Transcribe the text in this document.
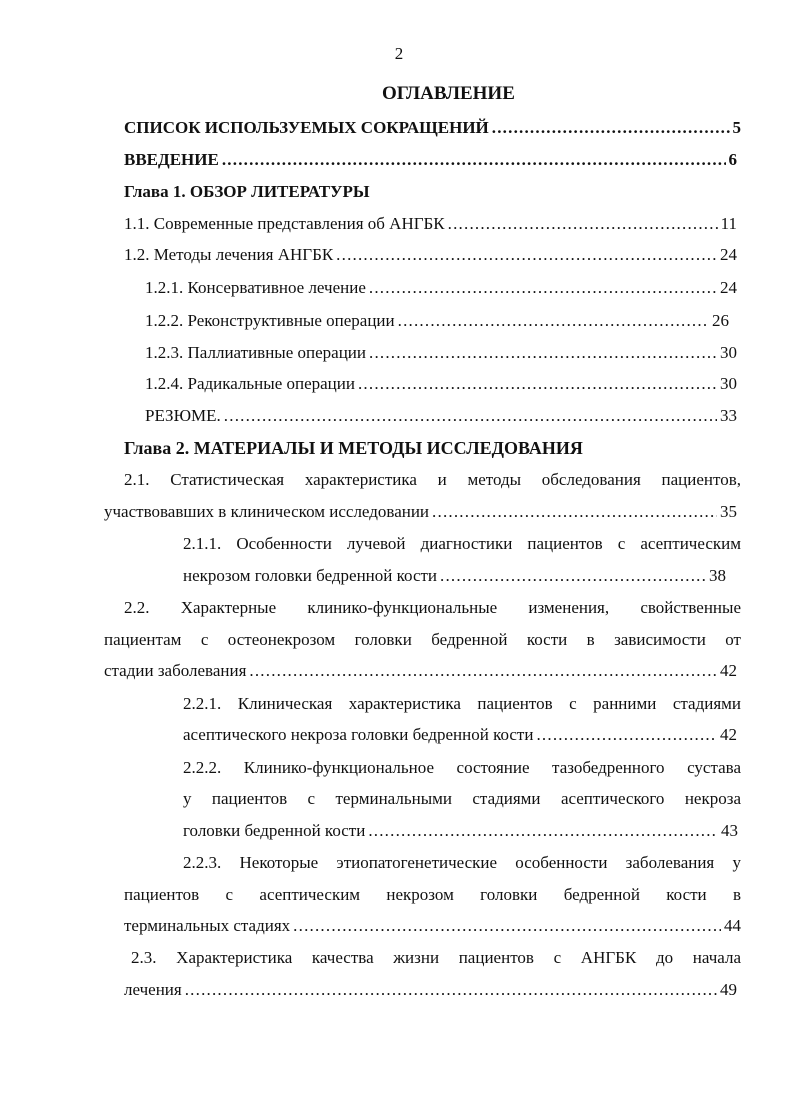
2
ОГЛАВЛЕНИЕ
СПИСОК ИСПОЛЬЗУЕМЫХ СОКРАЩЕНИЙ .....	5
ВВЕДЕНИЕ .....	6
Глава 1. ОБЗОР ЛИТЕРАТУРЫ
1.1. Современные представления об АНГБК .....	11
1.2. Методы лечения АНГБК .....	24
1.2.1. Консервативное лечение .....	24
1.2.2. Реконструктивные операции .....	26
1.2.3. Паллиативные операции .....	30
1.2.4. Радикальные операции .....	30
РЕЗЮМЕ. .....	33
Глава 2. МАТЕРИАЛЫ И МЕТОДЫ ИССЛЕДОВАНИЯ
2.1. Статистическая характеристика и методы обследования пациентов,
участвовавших в клиническом исследовании .....	35
2.1.1. Особенности лучевой диагностики пациентов с асептическим
некрозом головки бедренной кости .....	38
2.2. Характерные клинико-функциональные изменения, свойственные
пациентам с остеонекрозом головки бедренной кости в зависимости от
стадии заболевания .....	42
2.2.1. Клиническая характеристика пациентов с ранними стадиями
асептического некроза головки бедренной кости .....	42
2.2.2. Клинико-функциональное состояние тазобедренного сустава
у пациентов с терминальными стадиями асептического некроза
головки бедренной кости .....	43
2.2.3. Некоторые этиопатогенетические особенности заболевания у
пациентов с асептическим некрозом головки бедренной кости в
терминальных стадиях .....	44
2.3. Характеристика качества жизни пациентов с АНГБК до начала
лечения .....	49
